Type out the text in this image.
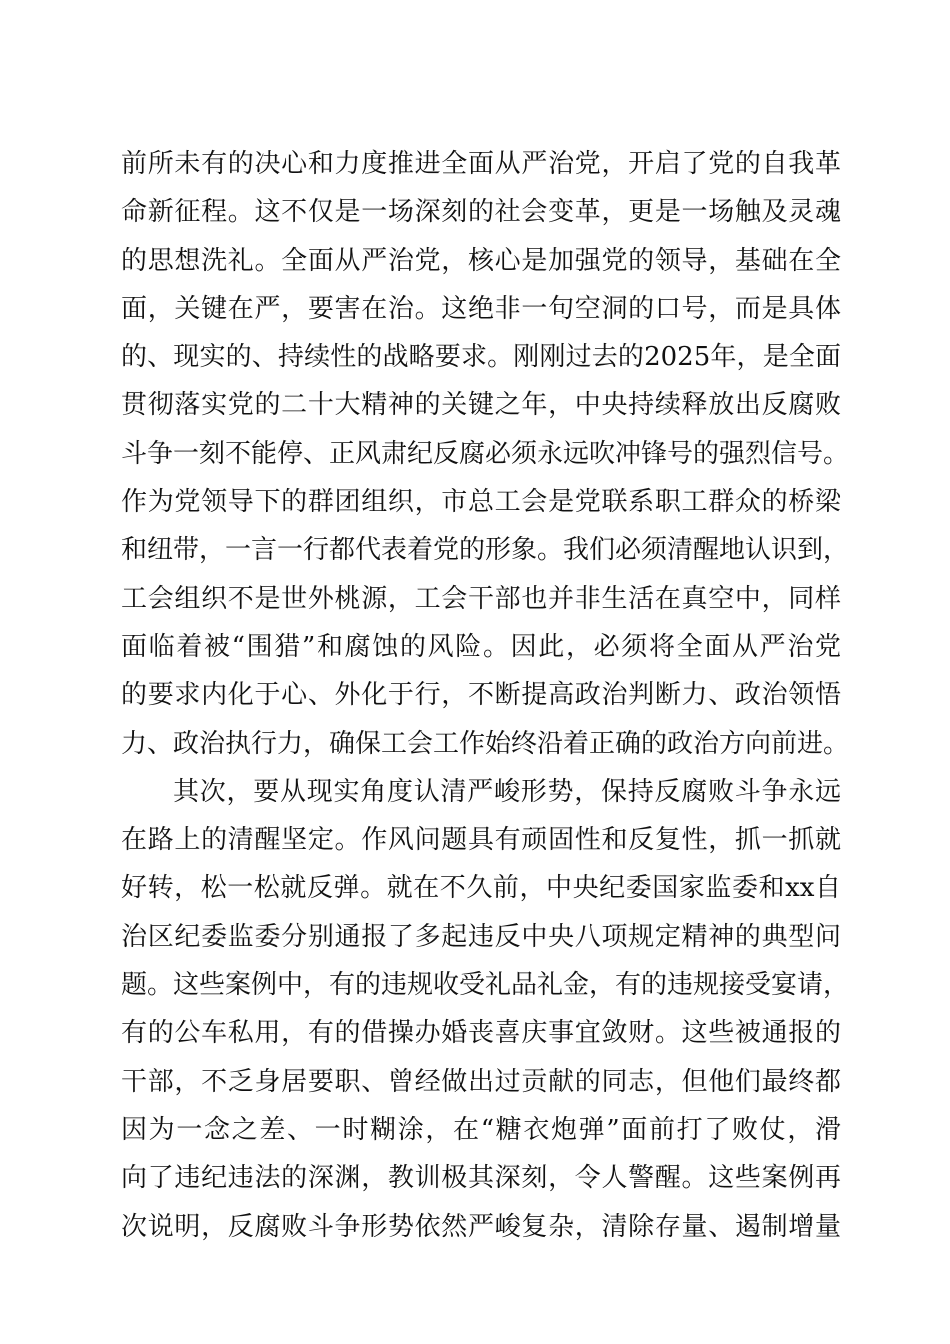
前所未有的决心和力度推进全面从严治党，开启了党的自我革
命新征程。这不仅是一场深刻的社会变革，更是一场触及灵魂
的思想洗礼。全面从严治党，核心是加强党的领导，基础在全
面，关键在严，要害在治。这绝非一句空洞的口号，而是具体
的、现实的、持续性的战略要求。刚刚过去的2025年，是全面
贯彻落实党的二十大精神的关键之年，中央持续释放出反腐败
斗争一刻不能停、正风肃纪反腐必须永远吹冲锋号的强烈信号。
作为党领导下的群团组织，市总工会是党联系职工群众的桥梁
和纽带，一言一行都代表着党的形象。我们必须清醒地认识到，
工会组织不是世外桃源，工会干部也并非生活在真空中，同样
面临着被“围猎”和腐蚀的风险。因此，必须将全面从严治党
的要求内化于心、外化于行，不断提高政治判断力、政治领悟
力、政治执行力，确保工会工作始终沿着正确的政治方向前进。
其次，要从现实角度认清严峻形势，保持反腐败斗争永远
在路上的清醒坚定。作风问题具有顽固性和反复性，抓一抓就
好转，松一松就反弹。就在不久前，中央纪委国家监委和xx自
治区纪委监委分别通报了多起违反中央八项规定精神的典型问
题。这些案例中，有的违规收受礼品礼金，有的违规接受宴请，
有的公车私用，有的借操办婚丧喜庆事宜敛财。这些被通报的
干部，不乏身居要职、曾经做出过贡献的同志，但他们最终都
因为一念之差、一时糊涂，在“糖衣炮弹”面前打了败仗，滑
向了违纪违法的深渊，教训极其深刻，令人警醒。这些案例再
次说明，反腐败斗争形势依然严峻复杂，清除存量、遏制增量
